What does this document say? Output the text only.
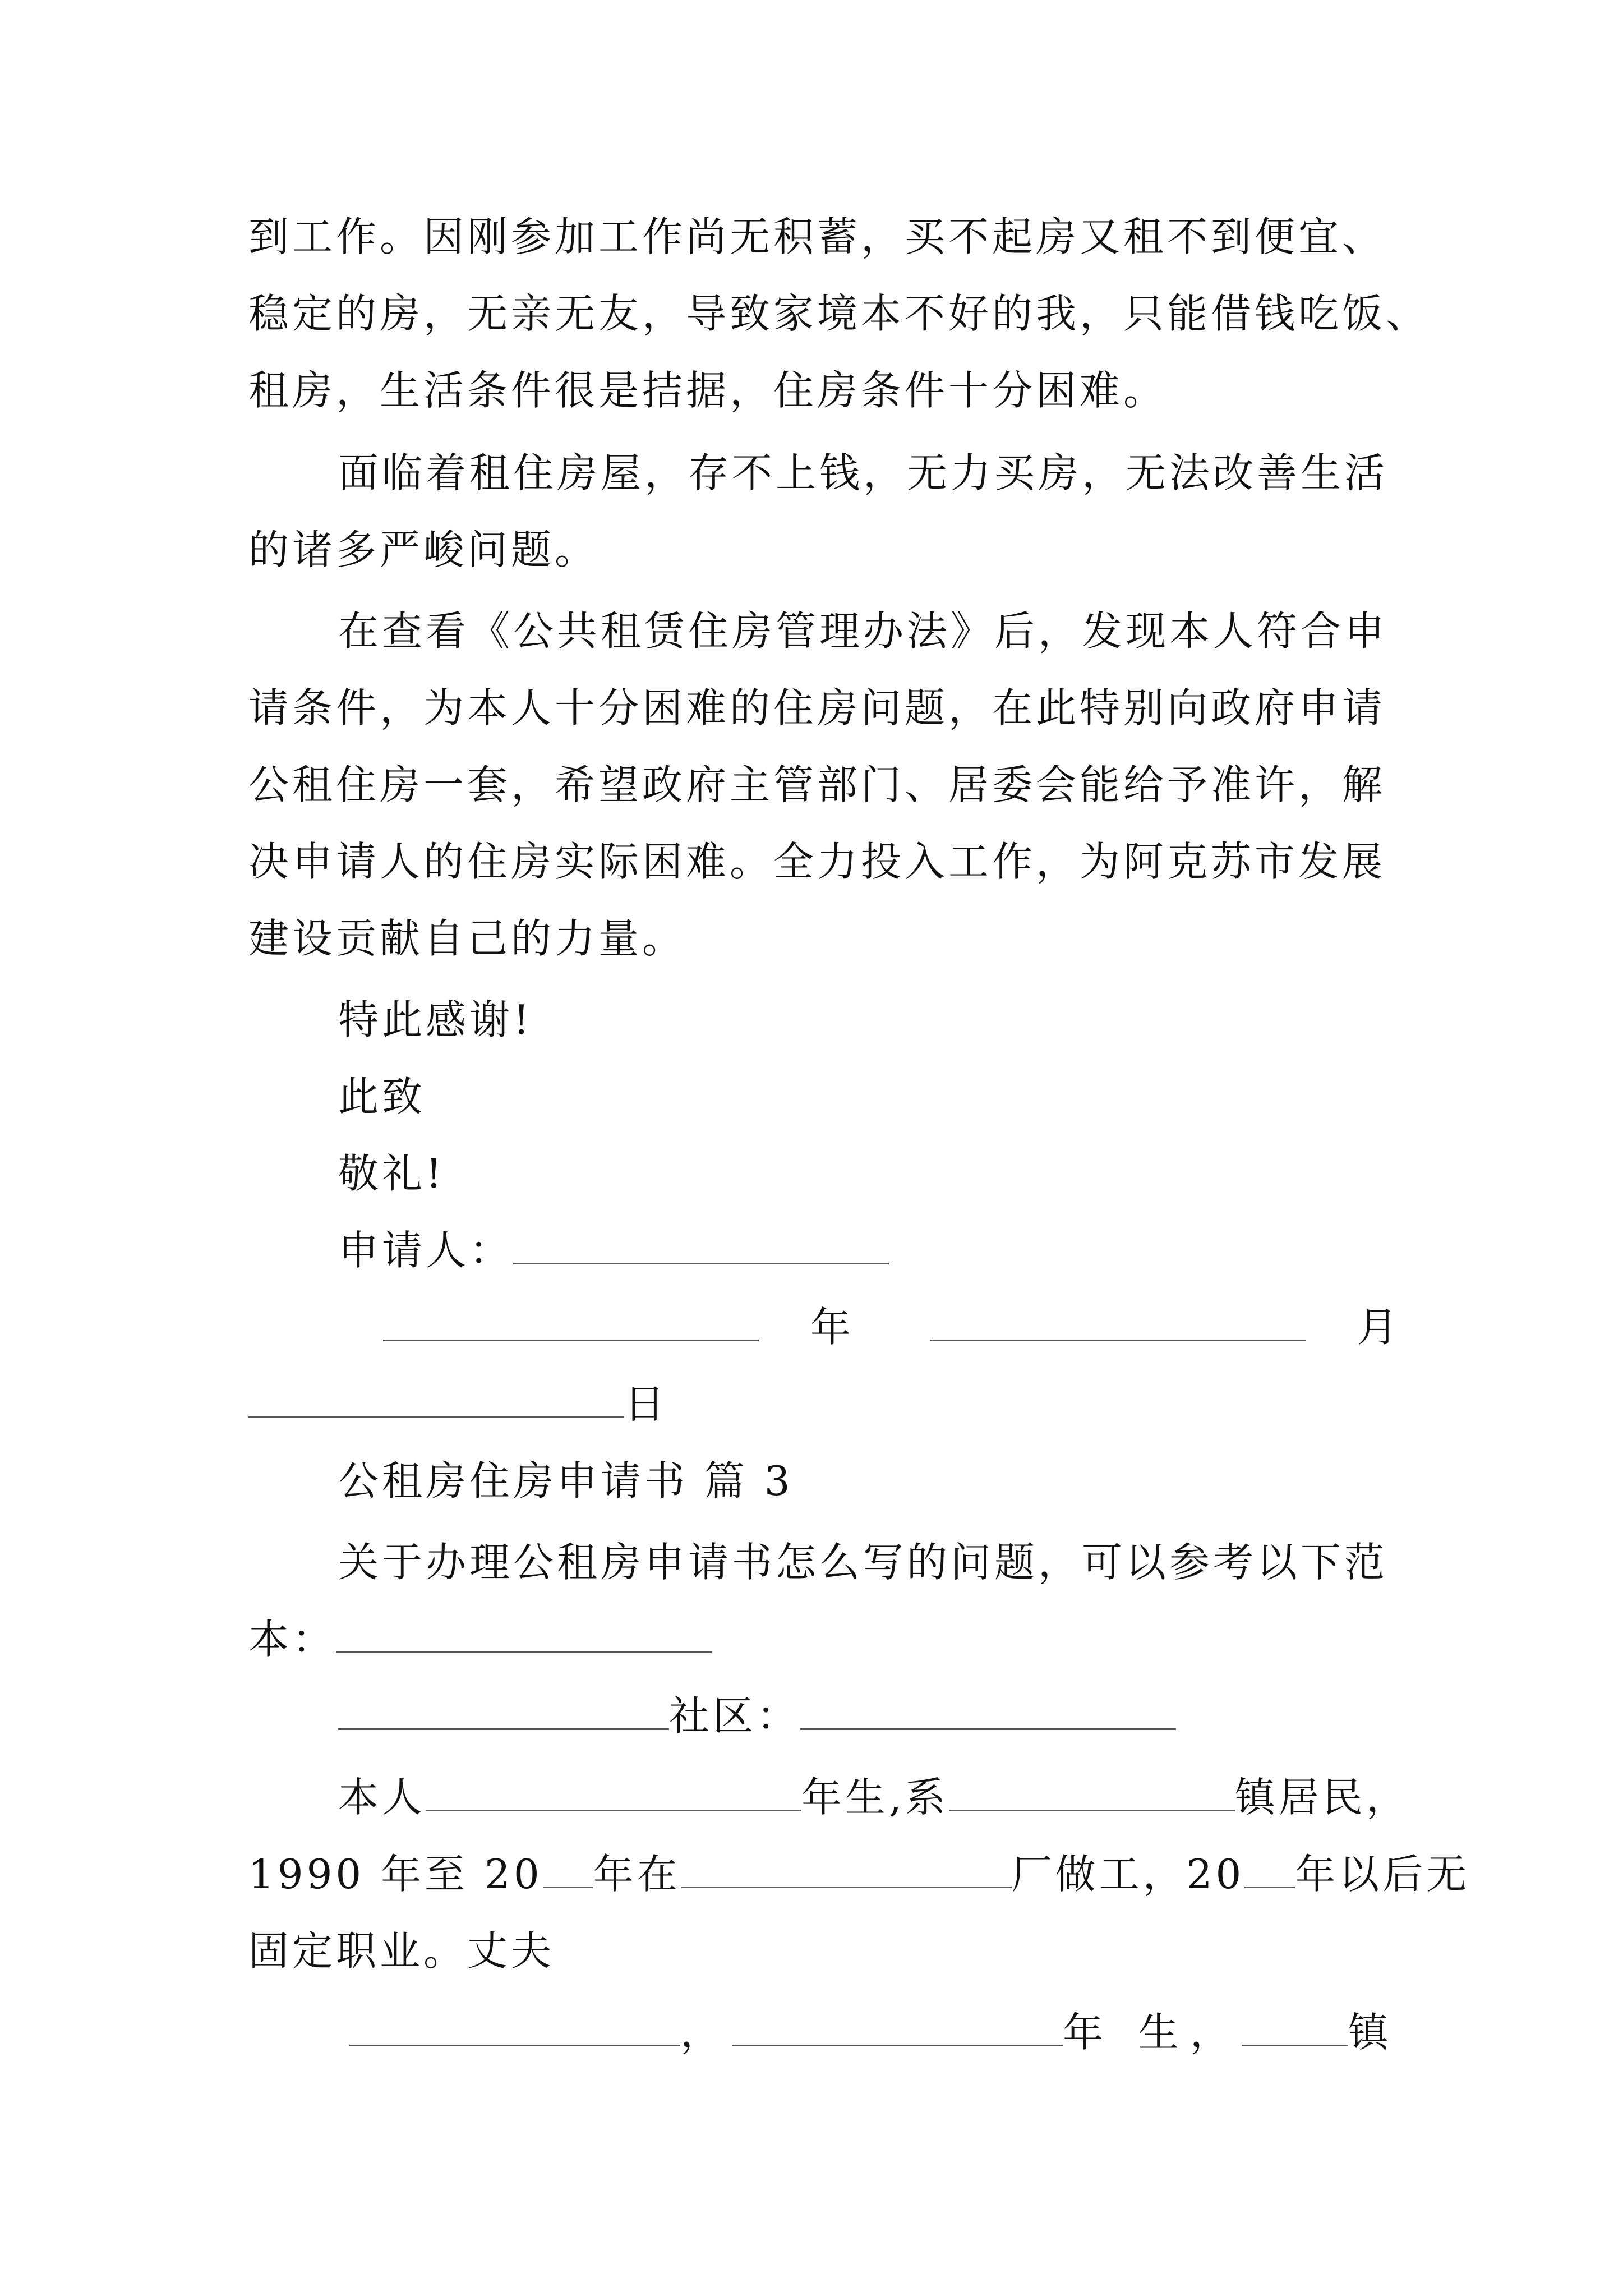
到工作。因刚参加工作尚无积蓄，买不起房又租不到便宜、
稳定的房，无亲无友，导致家境本不好的我，只能借钱吃饭、
租房，生活条件很是拮据，住房条件十分困难。
面临着租住房屋，存不上钱，无力买房，无法改善生活
的诸多严峻问题。
在查看《公共租赁住房管理办法》后，发现本人符合申
请条件，为本人十分困难的住房问题，在此特别向政府申请
公租住房一套，希望政府主管部门、居委会能给予准许，解
决申请人的住房实际困难。全力投入工作，为阿克苏市发展
建设贡献自己的力量。
特此感谢!
此致
敬礼!
申请人：
年	月
日
公租房住房申请书 篇 3
关于办理公租房申请书怎么写的问题，可以参考以下范
本：
社区：
本人	年生,系	镇居民，
1990 年至 20 年在	厂做工，20 年以后无
固定职业。丈夫
，	年 生，	镇
